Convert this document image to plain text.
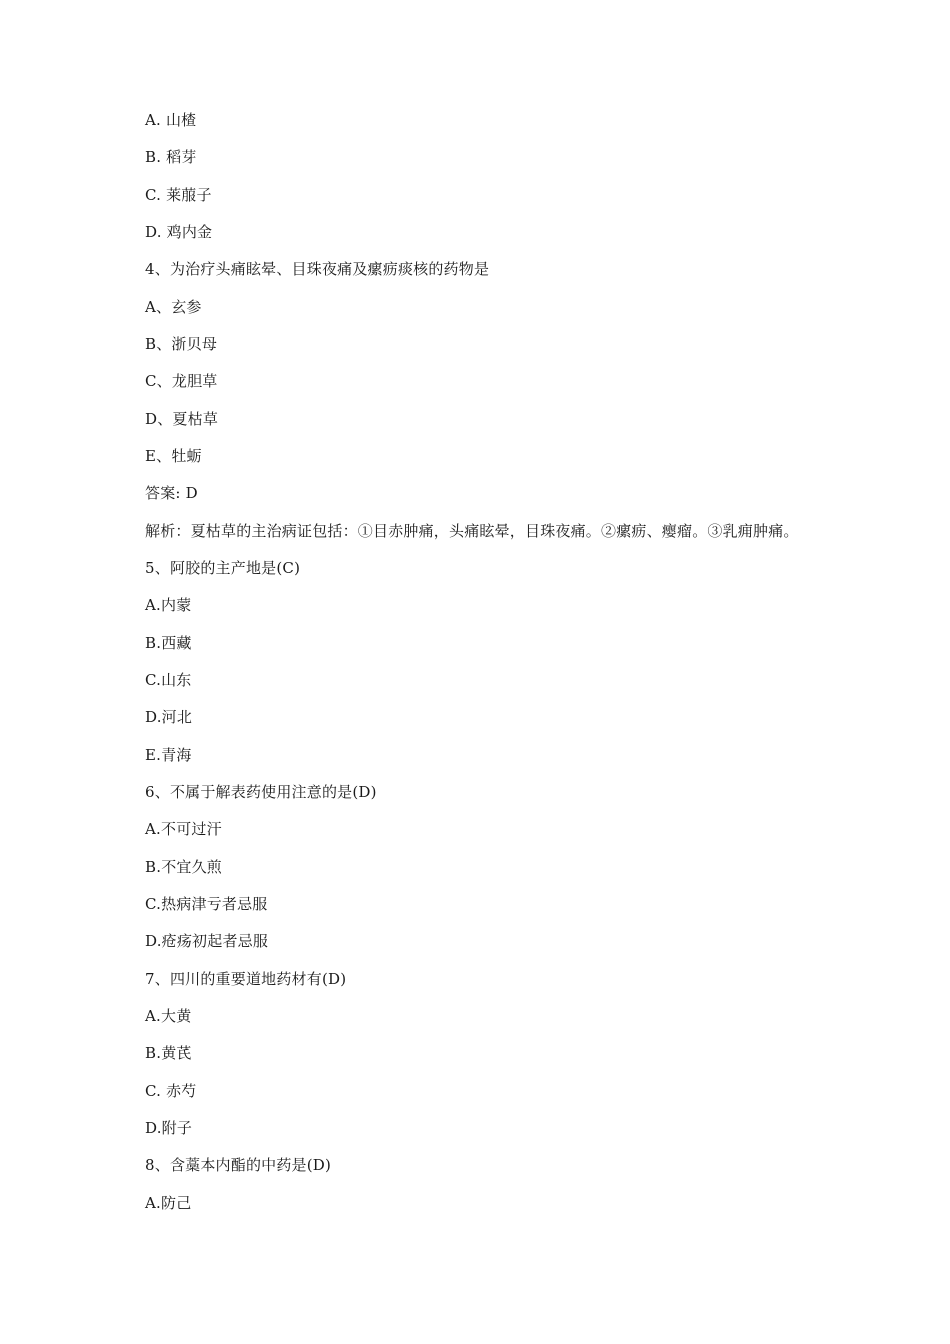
A. 山楂
B. 稻芽
C. 莱菔子
D. 鸡内金
4、为治疗头痛眩晕、目珠夜痛及瘰疬痰核的药物是
A、玄参
B、浙贝母
C、龙胆草
D、夏枯草
E、牡蛎
答案: D
解析：夏枯草的主治病证包括：①目赤肿痛，头痛眩晕，目珠夜痛。②瘰疬、瘿瘤。③乳痈肿痛。
5、阿胶的主产地是(C)
A.内蒙
B.西藏
C.山东
D.河北
E.青海
6、不属于解表药使用注意的是(D)
A.不可过汗
B.不宜久煎
C.热病津亏者忌服
D.疮疡初起者忌服
7、四川的重要道地药材有(D)
A.大黄
B.黄芪
C. 赤芍
D.附子
8、含藁本内酯的中药是(D)
A.防己
